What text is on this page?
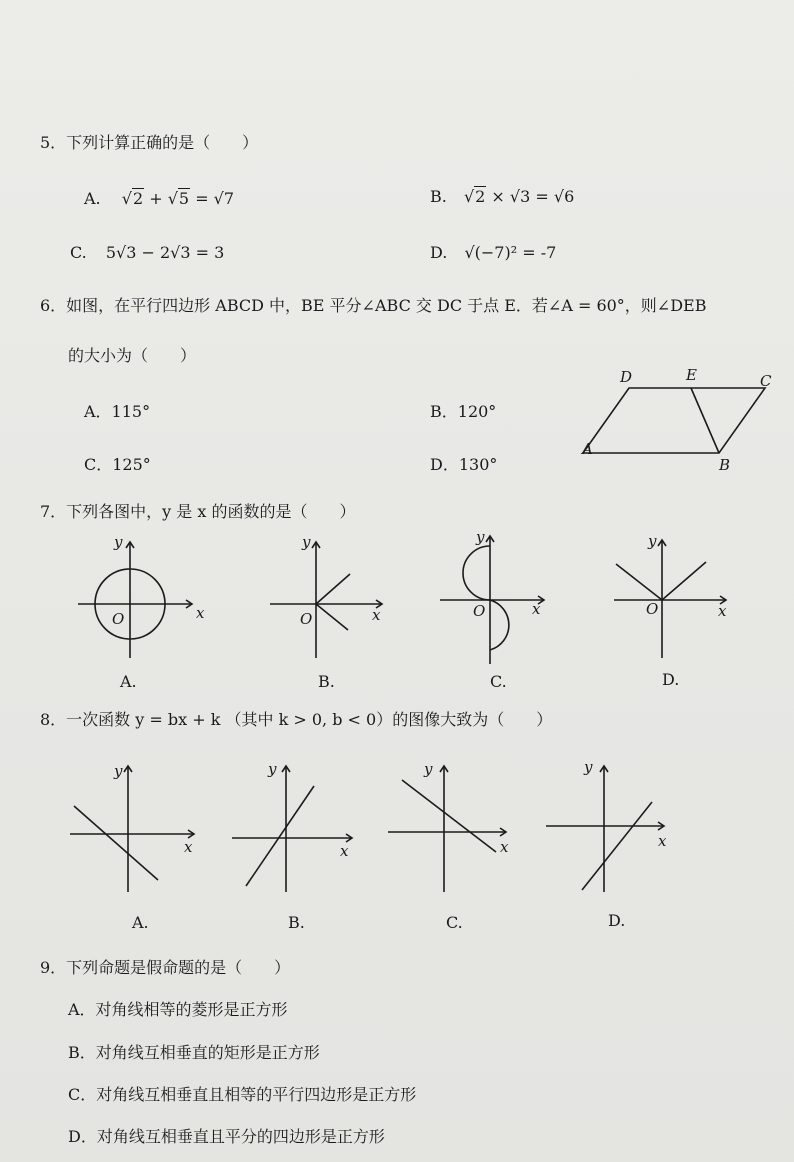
5．下列计算正确的是（　　）
A. √2 + √5 = √7	B. √2 × √3 = √6
C. 5√3 − 2√3 = 3	D. √(−7)² = -7
6．如图，在平行四边形 ABCD 中，BE 平分∠ABC 交 DC 于点 E．若∠A = 60°，则∠DEB
的大小为（　　）
A．115°	B．120°
C．125°	D．130°
D	E	C
A
B
7．下列各图中，y 是 x 的函数的是（　　）
y
x
O
A.
y
x
O
B.
y
x
O
C.
y
x
O
D.
8．一次函数 y = bx + k （其中 k > 0, b < 0）的图像大致为（　　）
y
x
A.
y
x
B.
y
x
C.
y
x
D.
9．下列命题是假命题的是（　　）
A．对角线相等的菱形是正方形
B．对角线互相垂直的矩形是正方形
C．对角线互相垂直且相等的平行四边形是正方形
D．对角线互相垂直且平分的四边形是正方形
